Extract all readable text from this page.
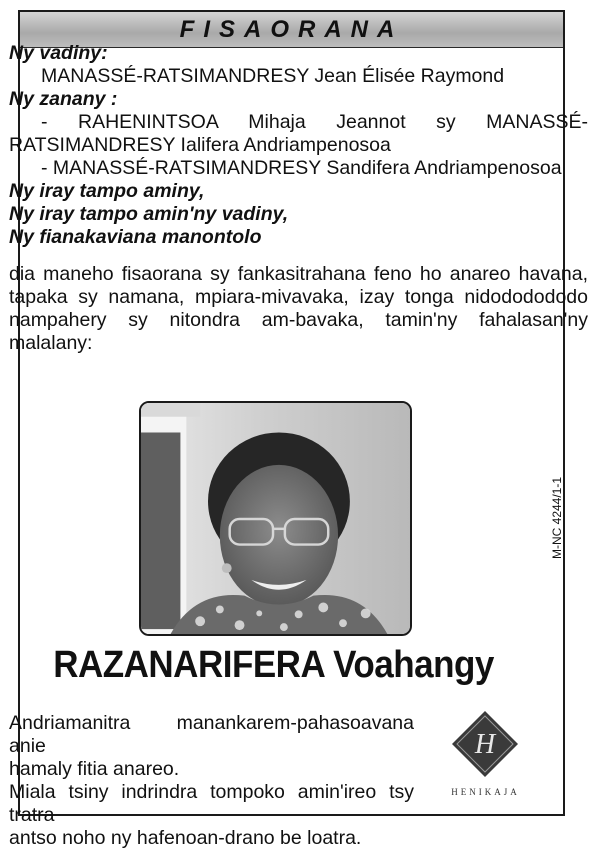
FISAORANA
Ny vadiny:
MANASSÉ-RATSIMANDRESY Jean Élisée Raymond
Ny zanany :
- RAHENINTSOA Mihaja Jeannot sy MANASSÉ-
RATSIMANDRESY Ialifera Andriampenosoa
- MANASSÉ-RATSIMANDRESY Sandifera Andriampenosoa
Ny iray tampo aminy,
Ny iray tampo amin'ny vadiny,
Ny fianakaviana manontolo
dia maneho fisaorana sy fankasitrahana feno ho anareo havana,
tapaka sy namana, mpiara-mivavaka, izay tonga nidododododo
nampahery sy nitondra am-bavaka, tamin'ny fahalasan'ny
malalany:
M-NC 4244/1-1
RAZANARIFERA Voahangy
Andriamanitra manankarem-pahasoavana anie
hamaly fitia anareo.
Miala tsiny indrindra tompoko amin'ireo tsy tratra
antso noho ny hafenoan-drano be loatra.
H
HENIKAJA
